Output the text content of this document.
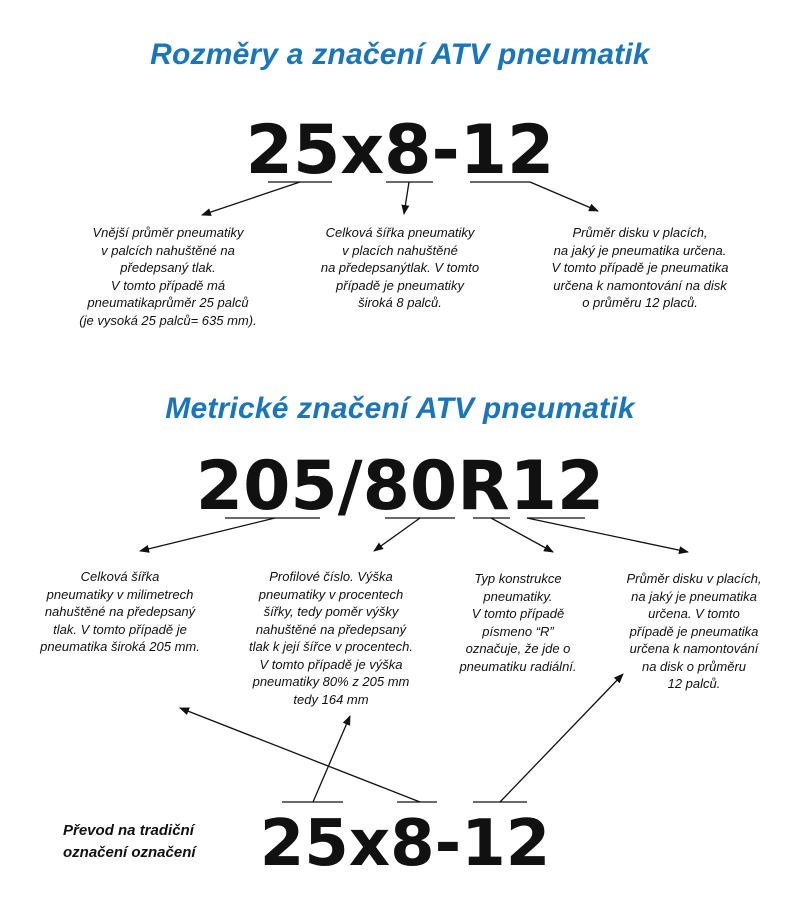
Rozměry a značení ATV pneumatik
25x8-12
Vnější průměr pneumatiky
v palcích nahuštěné na
předepsaný tlak.
V tomto případě má
pneumatikaprůměr 25 palců
(je vysoká 25 palců= 635 mm).
Celková šířka pneumatiky
v placích nahuštěné
na předepsanýtlak. V tomto
případě je pneumatiky
široká 8 palců.
Průměr disku v placích,
na jaký je pneumatika určena.
V tomto případě je pneumatika
určena k namontování na disk
o průměru 12 placů.
Metrické značení ATV pneumatik
205/80R12
Celková šířka
pneumatiky v milimetrech
nahuštěné na předepsaný
tlak. V tomto případě je
pneumatika široká 205 mm.
Profilové číslo. Výška
pneumatiky v procentech
šířky, tedy poměr výšky
nahuštěné na předepsaný
tlak k její šířce v procentech.
V tomto případě je výška
pneumatiky 80% z 205 mm
tedy 164 mm
Typ konstrukce
pneumatiky.
V tomto případě
písmeno “R”
označuje, že jde o
pneumatiku radiální.
Průměr disku v placích,
na jaký je pneumatika
určena. V tomto
případě je pneumatika
určena k namontování
na disk o průměru
12 palců.
Převod na tradiční
označení označení 25x8-12
